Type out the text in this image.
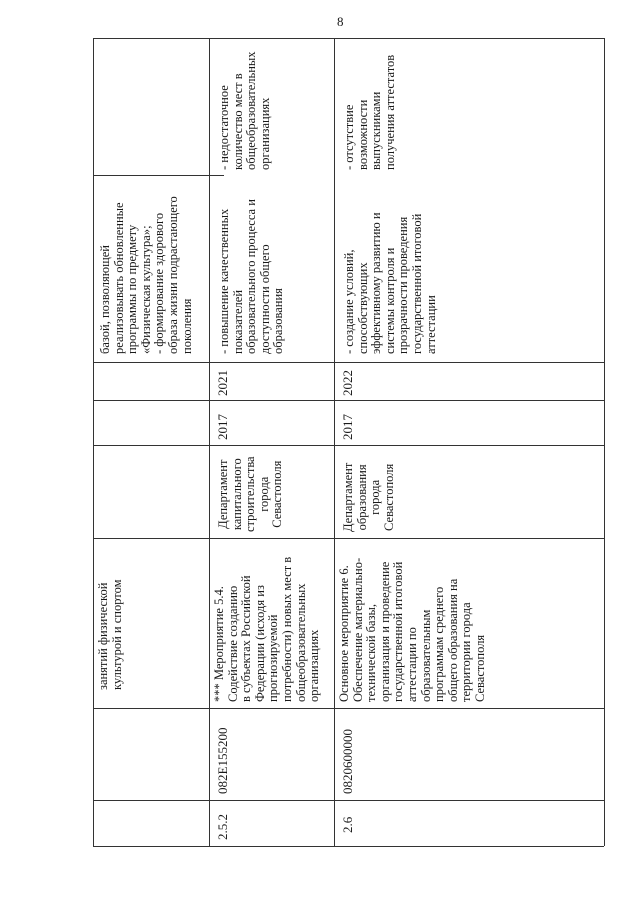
8
занятий физической культурой и спортом
базой, позволяющей реализовывать обновленные программы по предмету «Физическая культура»; - формирование здорового образа жизни подрастающего поколения
2.5.2
082E155200
*** Мероприятие 5.4. Содействие созданию в субъектах Российской Федерации (исходя из прогнозируемой потребности) новых мест в общеобразовательных организациях
Департамент капитального строительства города Севастополя
2017
2021
- повышение качественных показателей образовательного процесса и доступности общего образования
- недостаточное количество мест в общеобразовательных организациях
2.6
0820600000
Основное мероприятие 6. Обеспечение материально- технической базы, организация и проведение государственной итоговой аттестации по образовательным программам среднего общего образования на территории города Севастополя
Департамент образования города Севастополя
2017
2022
- создание условий, способствующих эффективному развитию и системы контроля и прозрачности проведения государственной итоговой аттестации
- отсутствие возможности выпускниками получения аттестатов
